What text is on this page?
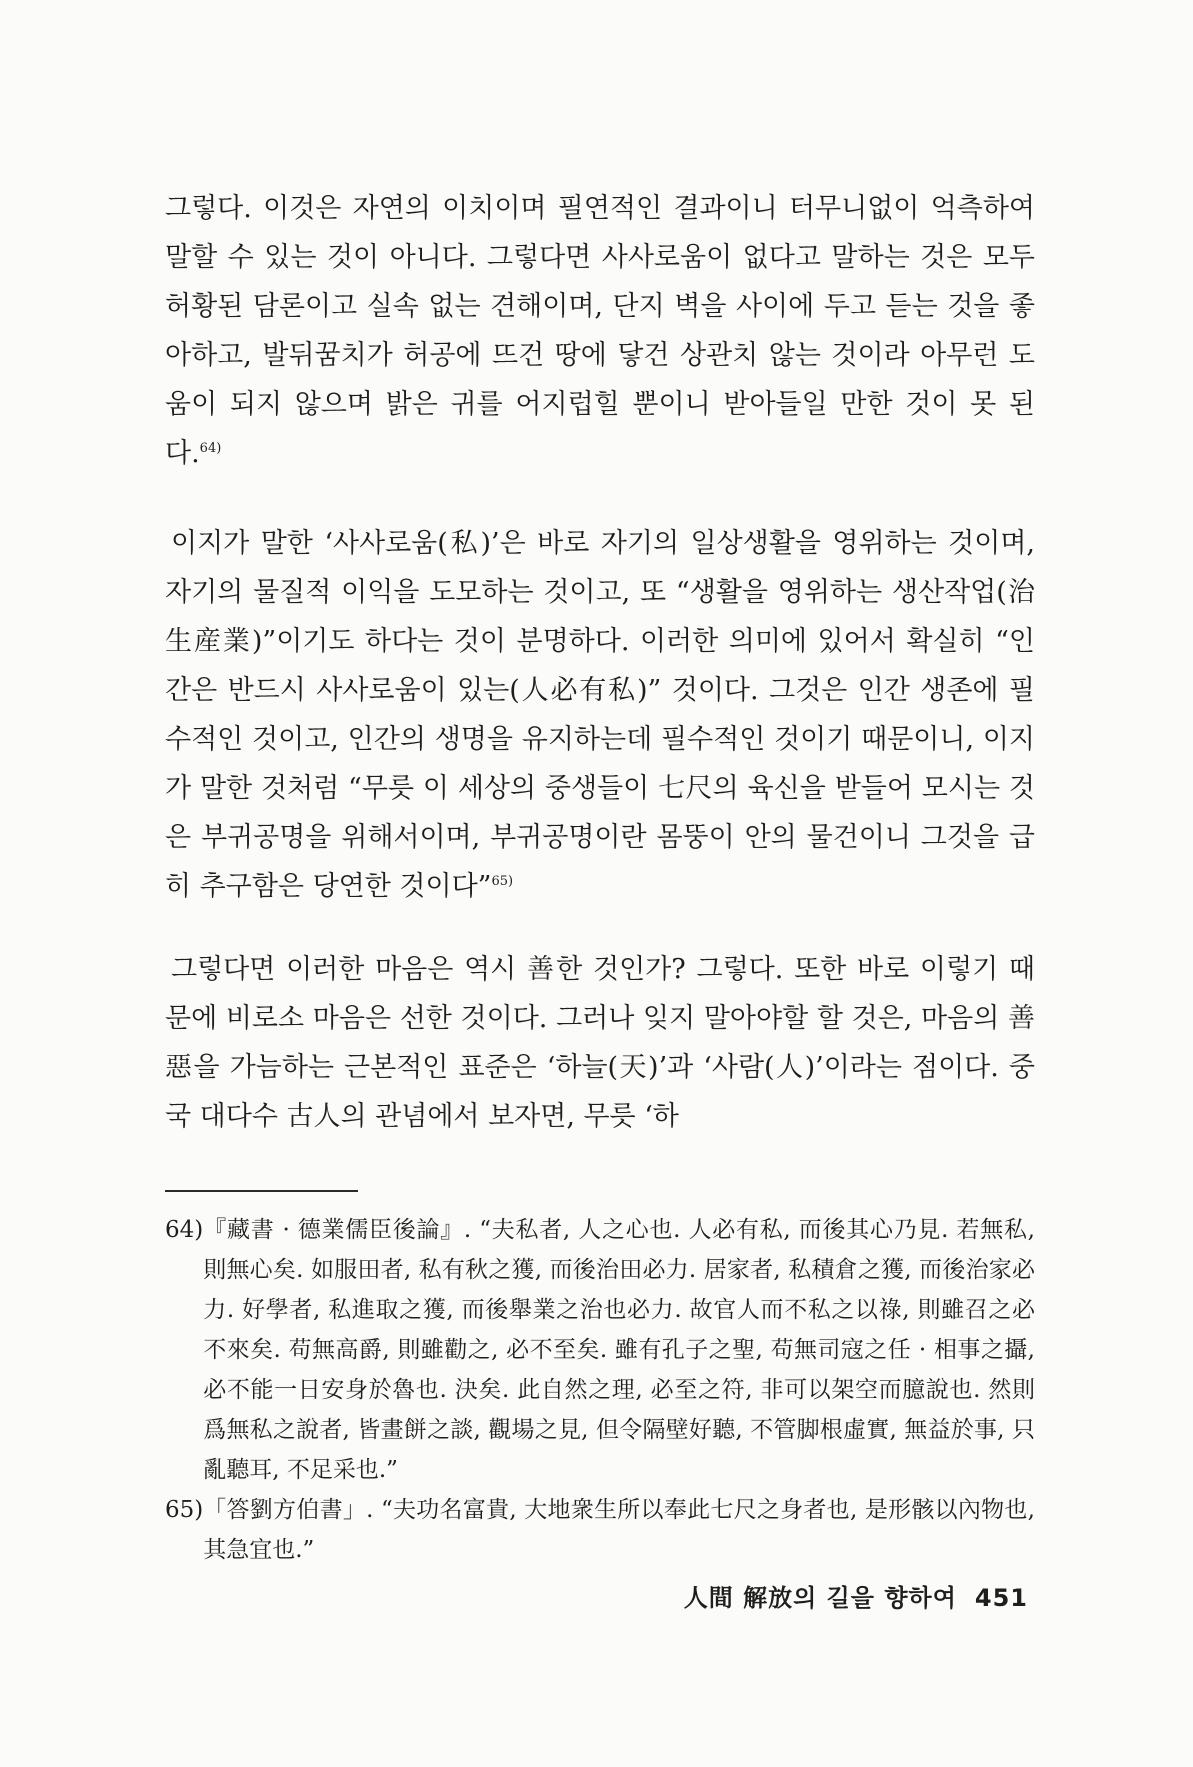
그렇다. 이것은 자연의 이치이며 필연적인 결과이니 터무니없이 억측하여 말할 수 있는 것이 아니다. 그렇다면 사사로움이 없다고 말하는 것은 모두 허황된 담론이고 실속 없는 견해이며, 단지 벽을 사이에 두고 듣는 것을 좋아하고, 발뒤꿈치가 허공에 뜨건 땅에 닿건 상관치 않는 것이라 아무런 도움이 되지 않으며 밝은 귀를 어지럽힐 뿐이니 받아들일 만한 것이 못 된다.$^{64)}$

이지가 말한 ‘사사로움(私)’은 바로 자기의 일상생활을 영위하는 것이며, 자기의 물질적 이익을 도모하는 것이고, 또 “생활을 영위하는 생산작업(治生産業)”이기도 하다는 것이 분명하다. 이러한 의미에 있어서 확실히 “인간은 반드시 사사로움이 있는(人必有私)” 것이다. 그것은 인간 생존에 필수적인 것이고, 인간의 생명을 유지하는데 필수적인 것이기 때문이니, 이지가 말한 것처럼 “무릇 이 세상의 중생들이 七尺의 육신을 받들어 모시는 것은 부귀공명을 위해서이며, 부귀공명이란 몸뚱이 안의 물건이니 그것을 급히 추구함은 당연한 것이다”$^{65)}$

그렇다면 이러한 마음은 역시 善한 것인가? 그렇다. 또한 바로 이렇기 때문에 비로소 마음은 선한 것이다. 그러나 잊지 말아야할 할 것은, 마음의 善惡을 가늠하는 근본적인 표준은 ‘하늘(天)’과 ‘사람(人)’이라는 점이다. 중국 대다수 古人의 관념에서 보자면, 무릇 ‘하

64) 『藏書 · 德業儒臣後論』. “夫私者, 人之心也. 人必有私, 而後其心乃見. 若無私, 則無心矣. 如服田者, 私有秋之獲, 而後治田必力. 居家者, 私積倉之獲, 而後治家必力. 好學者, 私進取之獲, 而後舉業之治也必力. 故官人而不私之以祿, 則雖召之必不來矣. 苟無高爵, 則雖勸之, 必不至矣. 雖有孔子之聖, 苟無司寇之任 · 相事之攝, 必不能一日安身於魯也. 決矣. 此自然之理, 必至之符, 非可以架空而臆說也. 然則爲無私之說者, 皆畫餅之談, 觀場之見, 但令隔壁好聽, 不管脚根虛實, 無益於事, 只亂聽耳, 不足采也.”
65) 「答劉方伯書」. “夫功名富貴, 大地衆生所以奉此七尺之身者也, 是形骸以內物也, 其急宜也.”
人間 解放의 길을 향하여 451
